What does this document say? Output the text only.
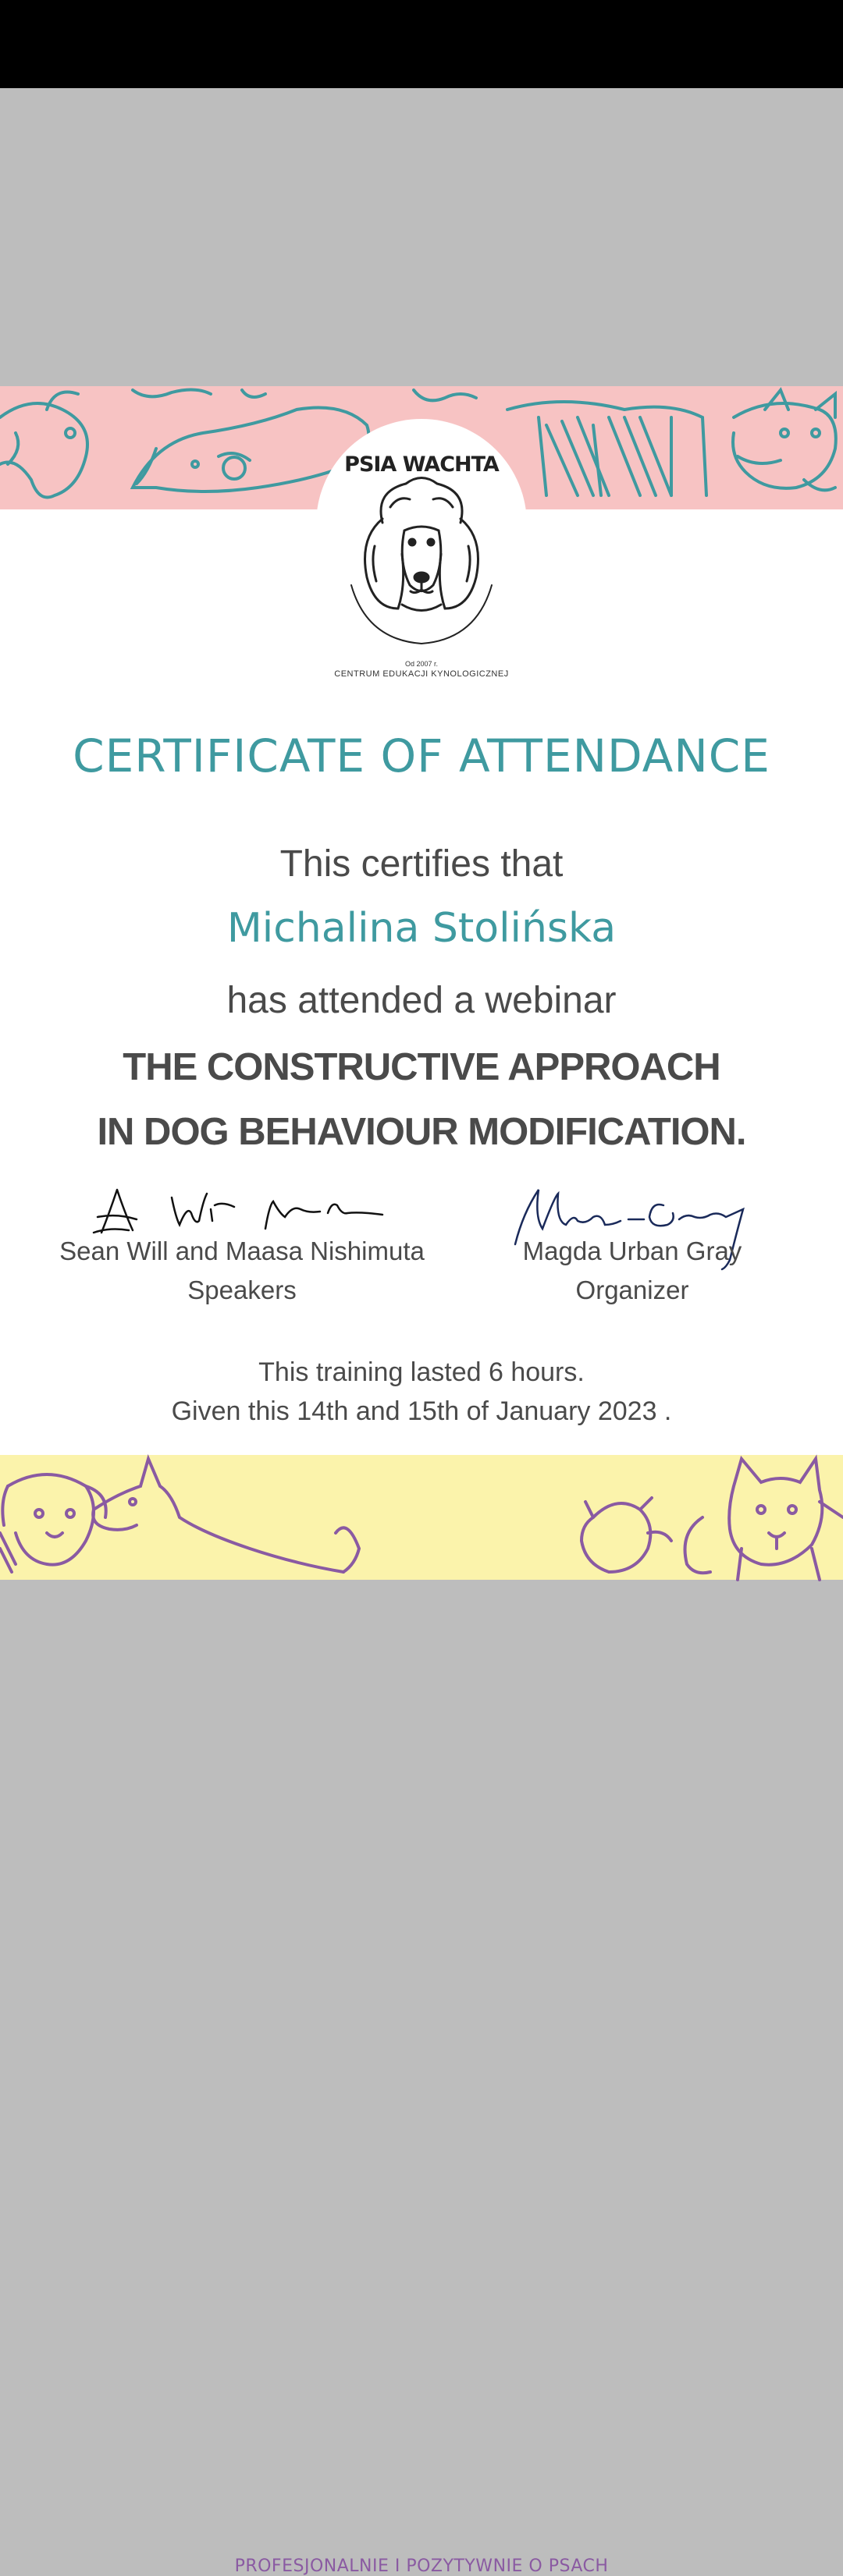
PSIA WACHTA
Od 2007 r.
CENTRUM EDUKACJI KYNOLOGICZNEJ
CERTIFICATE OF ATTENDANCE
This certifies that
Michalina Stolińska
has attended a webinar
THE CONSTRUCTIVE APPROACH
IN DOG BEHAVIOUR MODIFICATION.
Sean Will and Maasa Nishimuta
Speakers
Magda Urban Gray
Organizer
This training lasted 6 hours.
Given this 14th and 15th of January 2023 .
PROFESJONALNIE I POZYTYWNIE O PSACH
